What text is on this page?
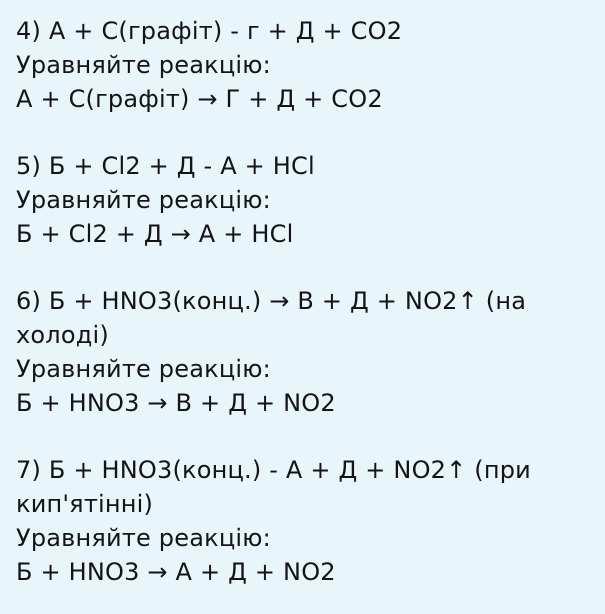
4) А + С(графіт) - г + Д + СО2
Уравняйте реакцію:
А + С(графіт) → Г + Д + СО2
5) Б + Cl2 + Д - А + HCl
Уравняйте реакцію:
Б + Cl2 + Д → А + HCl
6) Б + HNO3(конц.) → В + Д + NO2↑ (на
холоді)
Уравняйте реакцію:
Б + HNO3 → В + Д + NO2
7) Б + HNO3(конц.) - А + Д + NO2↑ (при
кип'ятінні)
Уравняйте реакцію:
Б + HNO3 → А + Д + NO2
